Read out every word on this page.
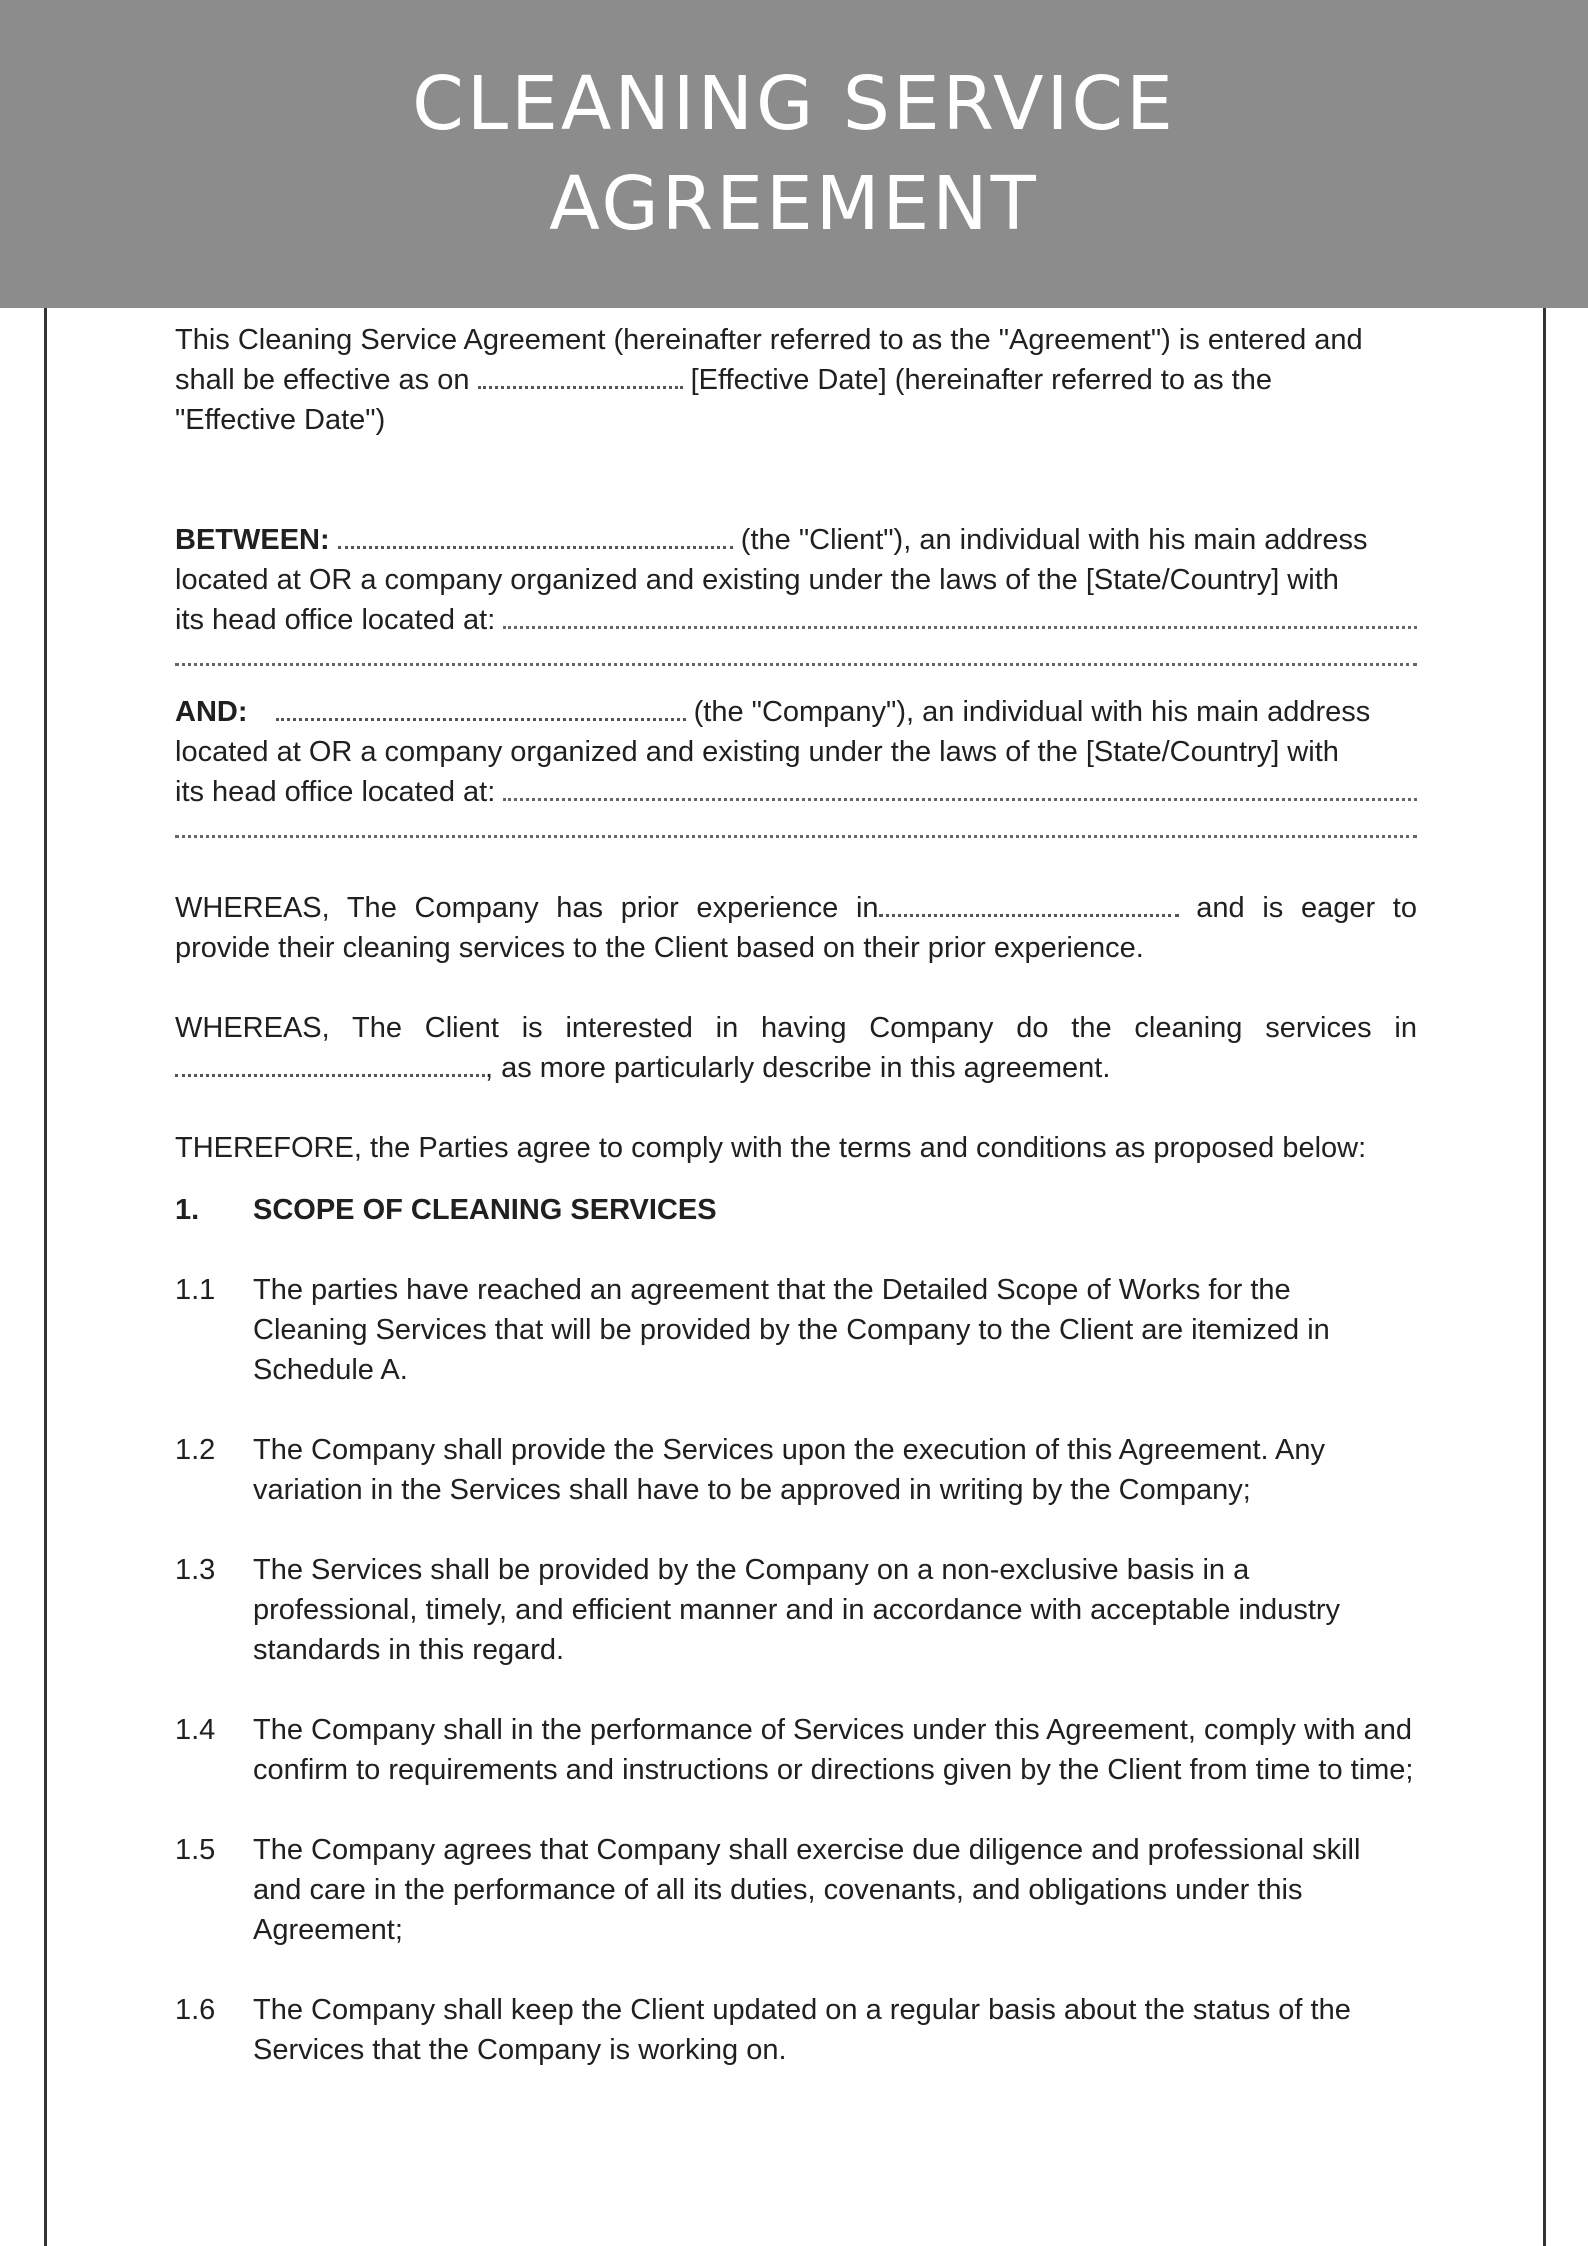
CLEANING SERVICE
AGREEMENT

This Cleaning Service Agreement (hereinafter referred to as the "Agreement") is entered and shall be effective as on	[Effective Date] (hereinafter referred to as the "Effective Date")

BETWEEN:	(the "Client"), an individual with his main address located at OR a company organized and existing under the laws of the [State/Country] with

its head office located at:

AND:	(the "Company"), an individual with his main address located at OR a company organized and existing under the laws of the [State/Country] with

its head office located at:

WHEREAS, The Company has prior experience in	and is eager to provide their cleaning services to the Client based on their prior experience.

WHEREAS, The Client is interested in having Company do the cleaning services in , as more particularly describe in this agreement.

THEREFORE, the Parties agree to comply with the terms and conditions as proposed below:

1.	SCOPE OF CLEANING SERVICES
1.1	The parties have reached an agreement that the Detailed Scope of Works for the Cleaning Services that will be provided by the Company to the Client are itemized in Schedule A.
1.2	The Company shall provide the Services upon the execution of this Agreement. Any variation in the Services shall have to be approved in writing by the Company;
1.3	The Services shall be provided by the Company on a non-exclusive basis in a professional, timely, and efficient manner and in accordance with acceptable industry standards in this regard.
1.4	The Company shall in the performance of Services under this Agreement, comply with and confirm to requirements and instructions or directions given by the Client from time to time;
1.5	The Company agrees that Company shall exercise due diligence and professional skill and care in the performance of all its duties, covenants, and obligations under this Agreement;
1.6	The Company shall keep the Client updated on a regular basis about the status of the Services that the Company is working on.
